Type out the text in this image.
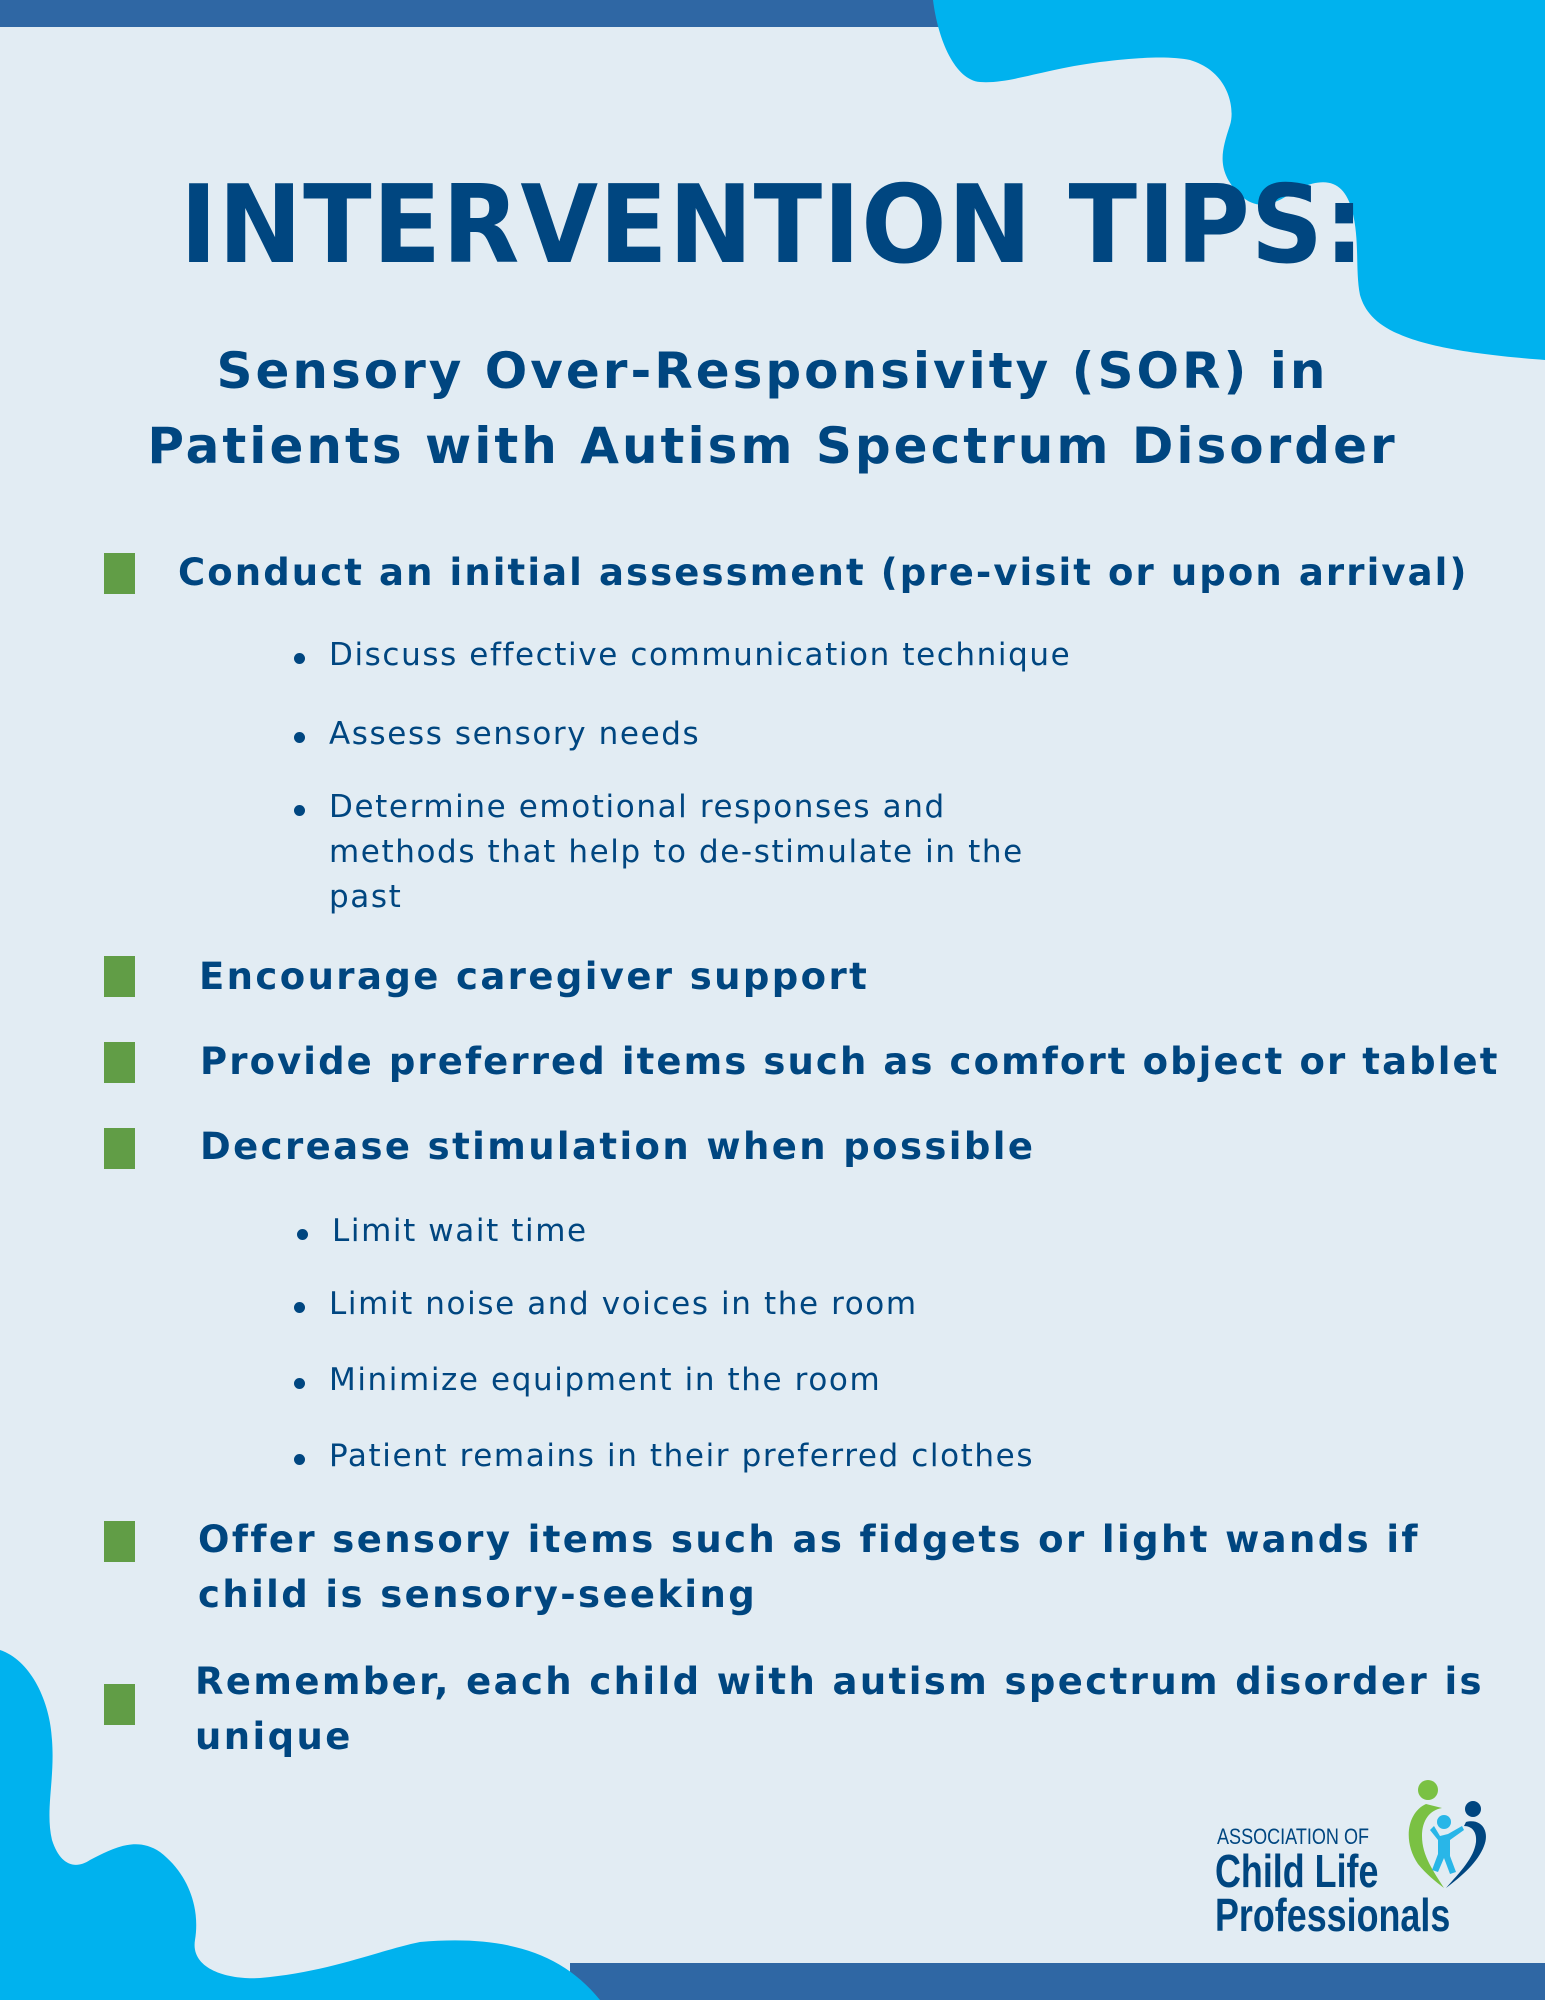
INTERVENTION TIPS:
Sensory Over-Responsivity (SOR) in
Patients with Autism Spectrum Disorder
Conduct an initial assessment (pre-visit or upon arrival)
Discuss effective communication technique
Assess sensory needs
Determine emotional responses and
methods that help to de-stimulate in the
past
Encourage caregiver support
Provide preferred items such as comfort object or tablet
Decrease stimulation when possible
Limit wait time
Limit noise and voices in the room
Minimize equipment in the room
Patient remains in their preferred clothes
Offer sensory items such as fidgets or light wands if
child is sensory-seeking
Remember, each child with autism spectrum disorder is
unique
ASSOCIATION OF
Child Life
Professionals
